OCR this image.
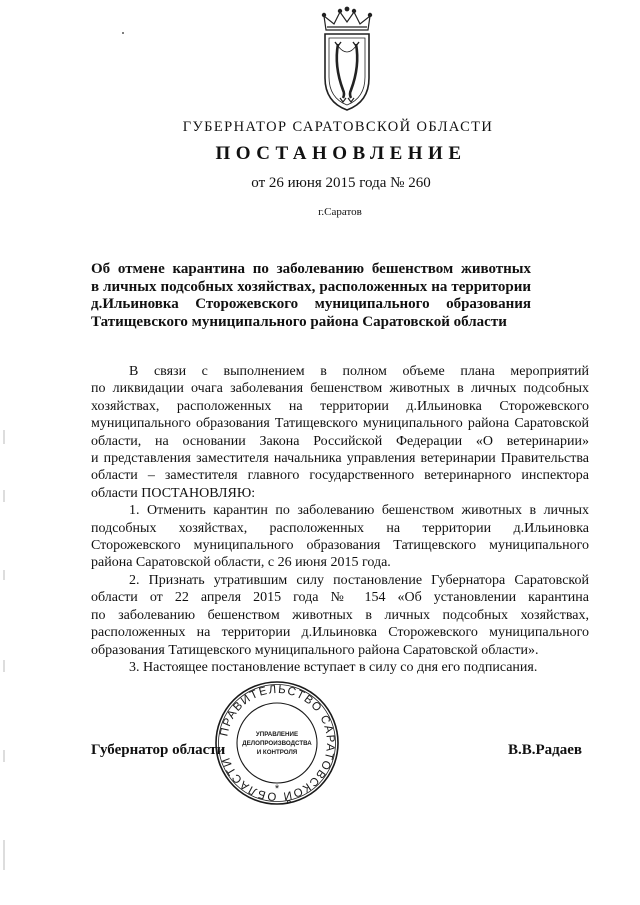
ГУБЕРНАТОР САРАТОВСКОЙ ОБЛАСТИ
ПОСТАНОВЛЕНИЕ
от 26 июня 2015 года № 260
г.Саратов
Об отмене карантина по заболеванию бешенством животных
в личных подсобных хозяйствах, расположенных на территории
д.Ильиновка Сторожевского муниципального образования
Татищевского муниципального района Саратовской области
В связи с выполнением в полном объеме плана мероприятий
по ликвидации очага заболевания бешенством животных в личных подсобных
хозяйствах, расположенных на территории д.Ильиновка Сторожевского
муниципального образования Татищевского муниципального района Саратовской
области, на основании Закона Российской Федерации «О ветеринарии»
и представления заместителя начальника управления ветеринарии Правительства
области – заместителя главного государственного ветеринарного инспектора
области ПОСТАНОВЛЯЮ:
1. Отменить карантин по заболеванию бешенством животных в личных
подсобных хозяйствах, расположенных на территории д.Ильиновка
Сторожевского муниципального образования Татищевского муниципального
района Саратовской области, с 26 июня 2015 года.
2. Признать утратившим силу постановление Губернатора Саратовской
области от 22 апреля 2015 года № 154 «Об установлении карантина
по заболеванию бешенством животных в личных подсобных хозяйствах,
расположенных на территории д.Ильиновка Сторожевского муниципального
образования Татищевского муниципального района Саратовской области».
3. Настоящее постановление вступает в силу со дня его подписания.
Губернатор области	В.В.Радаев
ПРАВИТЕЛЬСТВО САРАТОВСКОЙ ОБЛАСТИ
УПРАВЛЕНИЕ
ДЕЛОПРОИЗВОДСТВА
И КОНТРОЛЯ
*
